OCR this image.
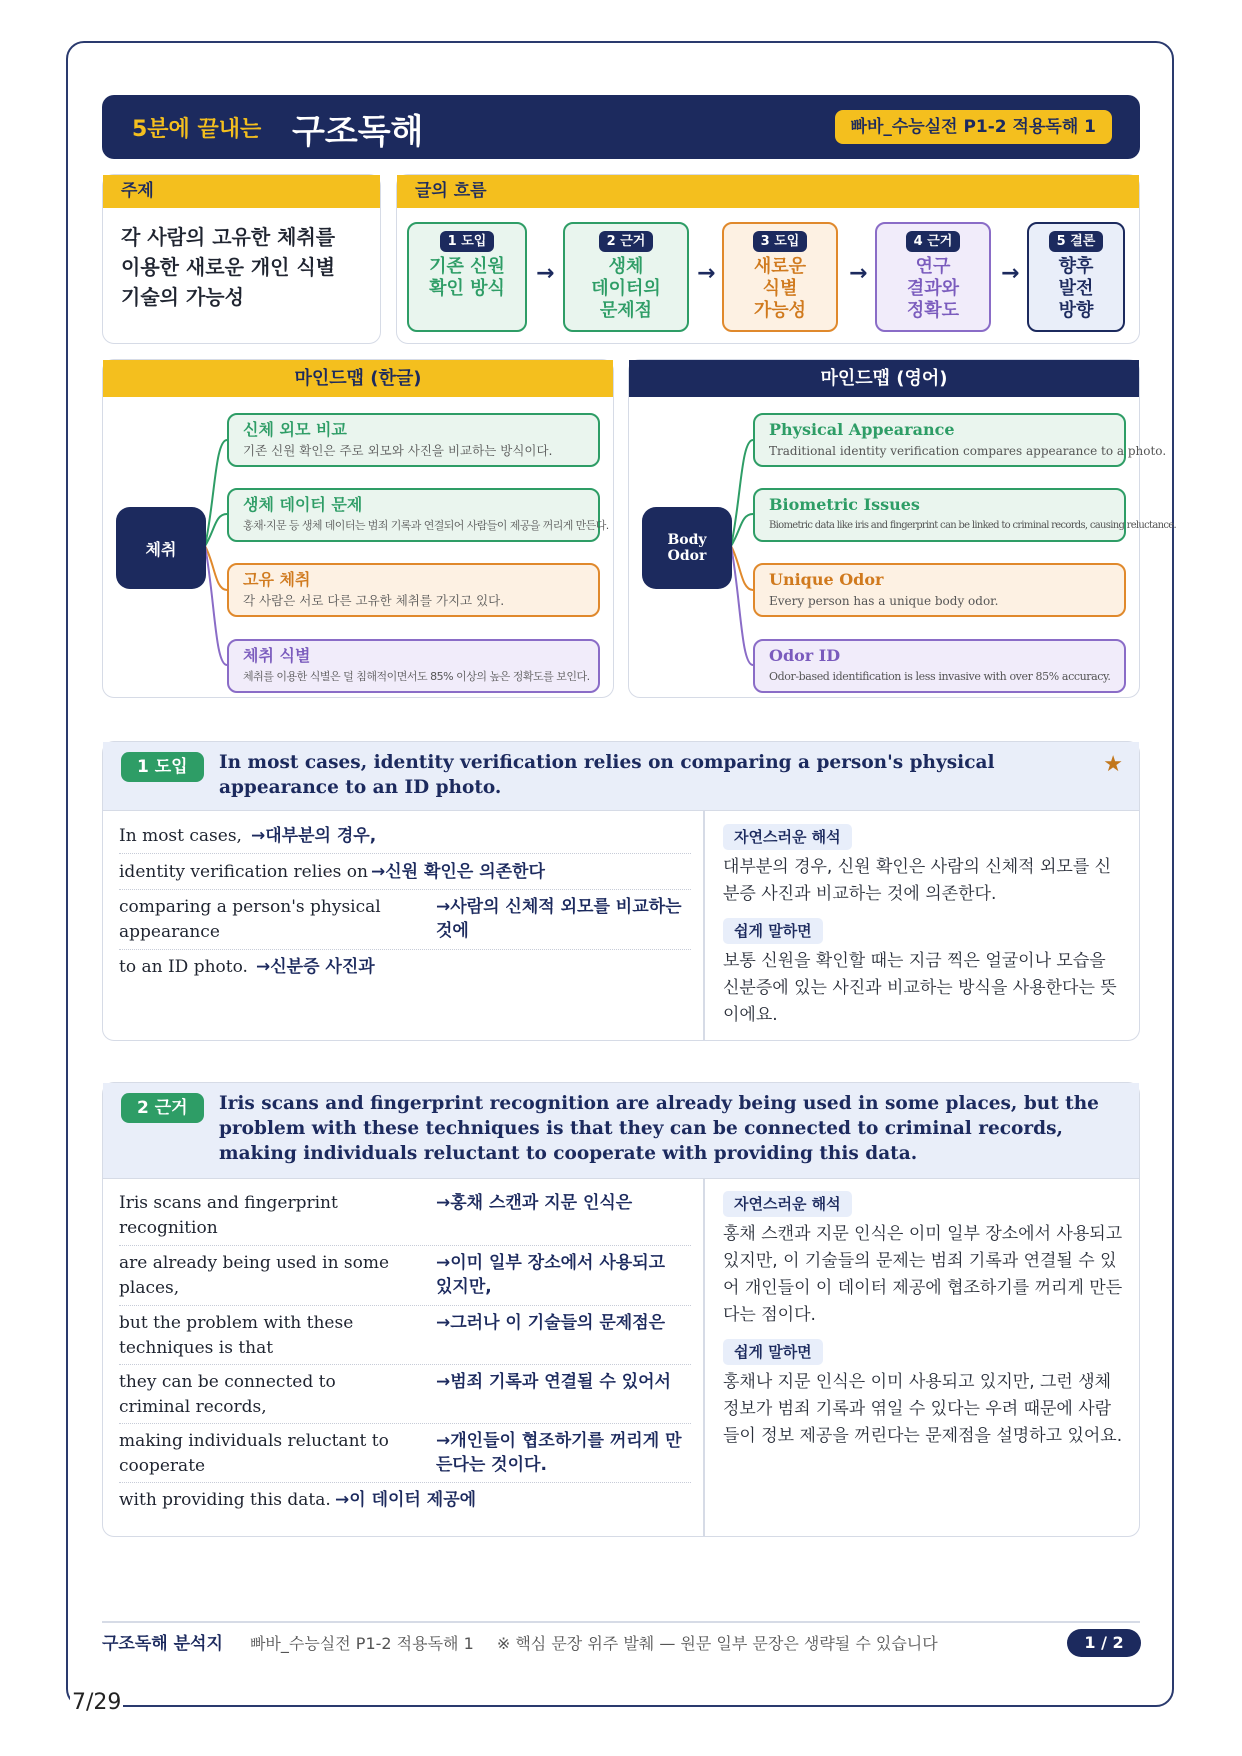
5분에 끝내는 구조독해	빠바_수능실전 P1-2 적용독해 1
주제
각 사람의 고유한 체취를
이용한 새로운 개인 식별
기술의 가능성
글의 흐름
1 도입
기존 신원
확인 방식
→
2 근거
생체
데이터의
문제점
→
3 도입
새로운
식별
가능성
→
4 근거
연구
결과와
정확도
→
5 결론
향후
발전
방향
마인드맵 (한글)
체취
신체 외모 비교
기존 신원 확인은 주로 외모와 사진을 비교하는 방식이다.
생체 데이터 문제
홍채·지문 등 생체 데이터는 범죄 기록과 연결되어 사람들이 제공을 꺼리게 만든다.
고유 체취
각 사람은 서로 다른 고유한 체취를 가지고 있다.
체취 식별
체취를 이용한 식별은 덜 침해적이면서도 85% 이상의 높은 정확도를 보인다.
마인드맵 (영어)
Body Odor
Physical Appearance
Traditional identity verification compares appearance to a photo.
Biometric Issues
Biometric data like iris and fingerprint can be linked to criminal records, causing reluctance.
Unique Odor
Every person has a unique body odor.
Odor ID
Odor-based identification is less invasive with over 85% accuracy.
1 도입	In most cases, identity verification relies on comparing a person's physical appearance to an ID photo.
★
In most cases, →대부분의 경우,
identity verification relies on →신원 확인은 의존한다
comparing a person's physical appearance
→사람의 신체적 외모를 비교하는 것에
to an ID photo. →신분증 사진과
자연스러운 해석
대부분의 경우, 신원 확인은 사람의 신체적 외모를 신분증 사진과 비교하는 것에 의존한다.
쉽게 말하면
보통 신원을 확인할 때는 지금 찍은 얼굴이나 모습을 신분증에 있는 사진과 비교하는 방식을 사용한다는 뜻이에요.
2 근거	Iris scans and fingerprint recognition are already being used in some places, but the problem with these techniques is that they can be connected to criminal records, making individuals reluctant to cooperate with providing this data.
Iris scans and fingerprint recognition
→홍채 스캔과 지문 인식은
are already being used in some places,
→이미 일부 장소에서 사용되고 있지만,
but the problem with these techniques is that
→그러나 이 기술들의 문제점은
they can be connected to criminal records,
→범죄 기록과 연결될 수 있어서
making individuals reluctant to cooperate
→개인들이 협조하기를 꺼리게 만든다는 것이다.
with providing this data. →이 데이터 제공에
자연스러운 해석
홍채 스캔과 지문 인식은 이미 일부 장소에서 사용되고 있지만, 이 기술들의 문제는 범죄 기록과 연결될 수 있어 개인들이 이 데이터 제공에 협조하기를 꺼리게 만든다는 점이다.
쉽게 말하면
홍채나 지문 인식은 이미 사용되고 있지만, 그런 생체 정보가 범죄 기록과 엮일 수 있다는 우려 때문에 사람들이 정보 제공을 꺼린다는 문제점을 설명하고 있어요.
구조독해 분석지 빠바_수능실전 P1-2 적용독해 1 ※ 핵심 문장 위주 발췌 — 원문 일부 문장은 생략될 수 있습니다	1 / 2
7/29
